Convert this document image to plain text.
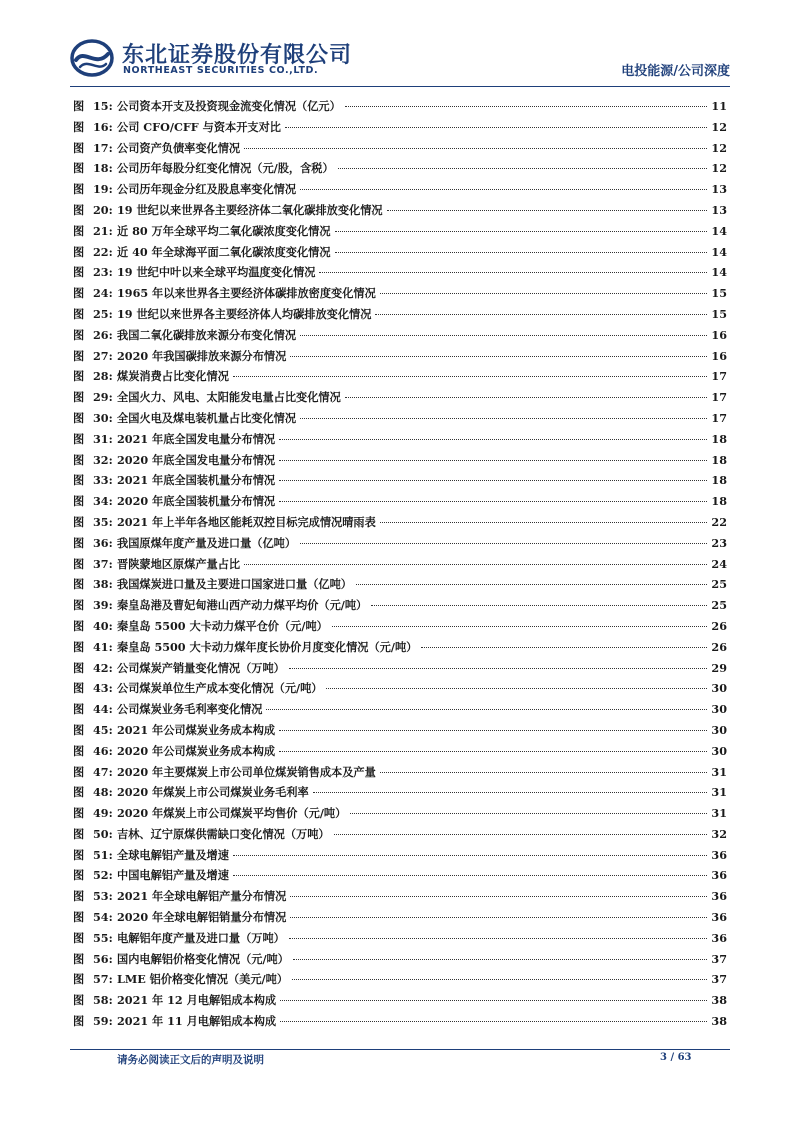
东北证券股份有限公司
NORTHEAST SECURITIES CO.,LTD.	电投能源/公司深度
图 15: 公司资本开支及投资现金流变化情况（亿元）	11
图 16: 公司 CFO/CFF 与资本开支对比	12
图 17: 公司资产负债率变化情况	12
图 18: 公司历年每股分红变化情况（元/股，含税）	12
图 19: 公司历年现金分红及股息率变化情况	13
图 20: 19 世纪以来世界各主要经济体二氧化碳排放变化情况	13
图 21: 近 80 万年全球平均二氧化碳浓度变化情况	14
图 22: 近 40 年全球海平面二氧化碳浓度变化情况	14
图 23: 19 世纪中叶以来全球平均温度变化情况	14
图 24: 1965 年以来世界各主要经济体碳排放密度变化情况	15
图 25: 19 世纪以来世界各主要经济体人均碳排放变化情况	15
图 26: 我国二氧化碳排放来源分布变化情况	16
图 27: 2020 年我国碳排放来源分布情况	16
图 28: 煤炭消费占比变化情况	17
图 29: 全国火力、风电、太阳能发电量占比变化情况	17
图 30: 全国火电及煤电装机量占比变化情况	17
图 31: 2021 年底全国发电量分布情况	18
图 32: 2020 年底全国发电量分布情况	18
图 33: 2021 年底全国装机量分布情况	18
图 34: 2020 年底全国装机量分布情况	18
图 35: 2021 年上半年各地区能耗双控目标完成情况晴雨表	22
图 36: 我国原煤年度产量及进口量（亿吨）	23
图 37: 晋陕蒙地区原煤产量占比	24
图 38: 我国煤炭进口量及主要进口国家进口量（亿吨）	25
图 39: 秦皇岛港及曹妃甸港山西产动力煤平均价（元/吨）	25
图 40: 秦皇岛 5500 大卡动力煤平仓价（元/吨）	26
图 41: 秦皇岛 5500 大卡动力煤年度长协价月度变化情况（元/吨）	26
图 42: 公司煤炭产销量变化情况（万吨）	29
图 43: 公司煤炭单位生产成本变化情况（元/吨）	30
图 44: 公司煤炭业务毛利率变化情况	30
图 45: 2021 年公司煤炭业务成本构成	30
图 46: 2020 年公司煤炭业务成本构成	30
图 47: 2020 年主要煤炭上市公司单位煤炭销售成本及产量	31
图 48: 2020 年煤炭上市公司煤炭业务毛利率	31
图 49: 2020 年煤炭上市公司煤炭平均售价（元/吨）	31
图 50: 吉林、辽宁原煤供需缺口变化情况（万吨）	32
图 51: 全球电解铝产量及增速	36
图 52: 中国电解铝产量及增速	36
图 53: 2021 年全球电解铝产量分布情况	36
图 54: 2020 年全球电解铝销量分布情况	36
图 55: 电解铝年度产量及进口量（万吨）	36
图 56: 国内电解铝价格变化情况（元/吨）	37
图 57: LME 铝价格变化情况（美元/吨）	37
图 58: 2021 年 12 月电解铝成本构成	38
图 59: 2021 年 11 月电解铝成本构成	38
请务必阅读正文后的声明及说明	3 / 63
